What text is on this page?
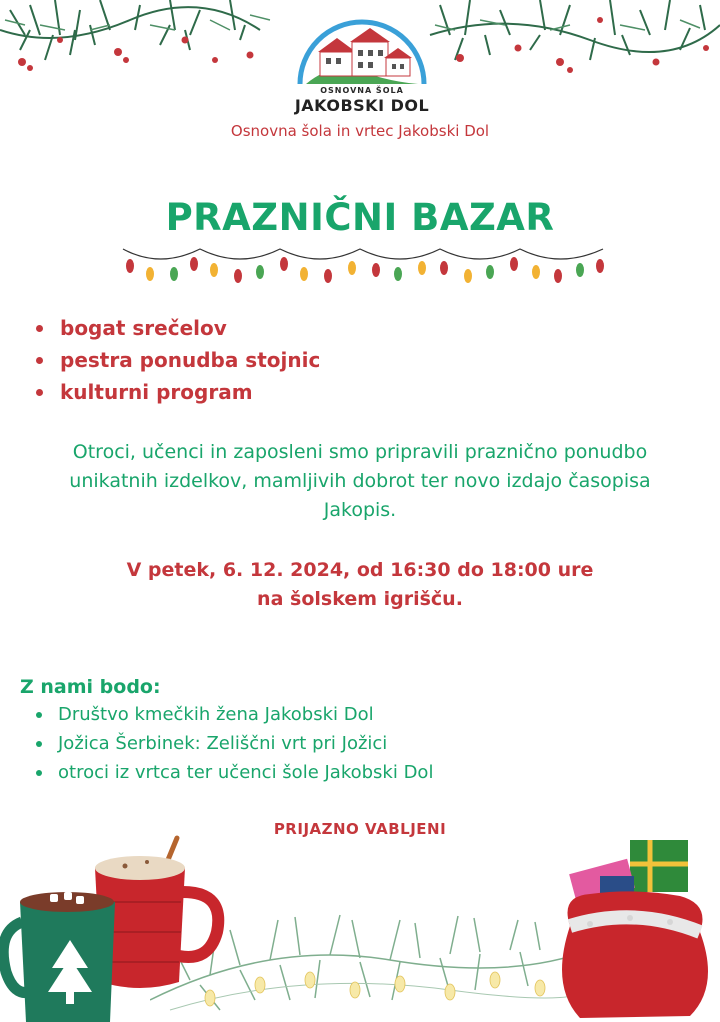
OSNOVNA ŠOLA
JAKOBSKI DOL
Osnovna šola in vrtec Jakobski Dol
PRAZNIČNI BAZAR
bogat srečelov
pestra ponudba stojnic
kulturni program
Otroci, učenci in zaposleni smo pripravili praznično ponudbo
unikatnih izdelkov, mamljivih dobrot ter novo izdajo časopisa
Jakopis.
V petek, 6. 12. 2024, od 16:30 do 18:00 ure
na šolskem igrišču.
Z nami bodo:
Društvo kmečkih žena Jakobski Dol
Jožica Šerbinek: Zeliščni vrt pri Jožici
otroci iz vrtca ter učenci šole Jakobski Dol
PRIJAZNO VABLJENI
